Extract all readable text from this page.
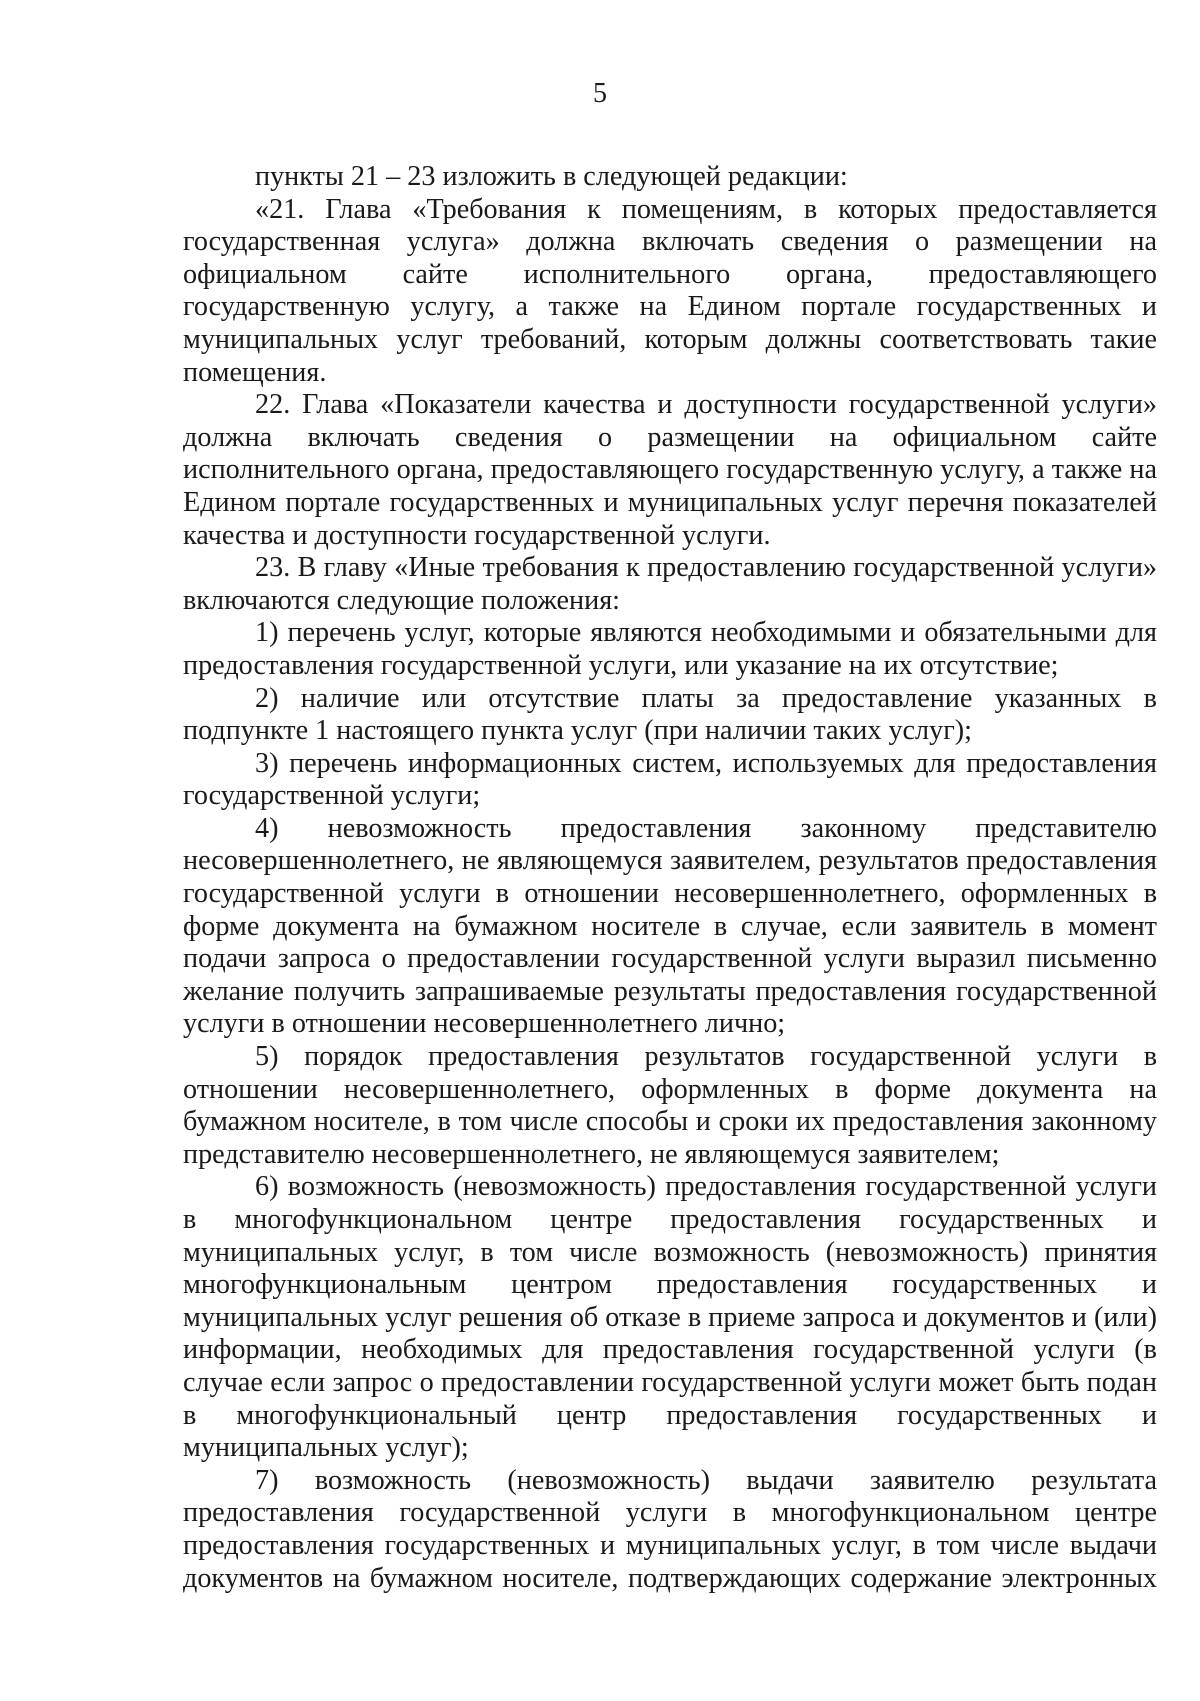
5

пункты 21 – 23 изложить в следующей редакции:

«21. Глава «Требования к помещениям, в которых предоставляется государственная услуга» должна включать сведения о размещении на официальном сайте исполнительного органа, предоставляющего государственную услугу, а также на Едином портале государственных и муниципальных услуг требований, которым должны соответствовать такие помещения.

22. Глава «Показатели качества и доступности государственной услуги» должна включать сведения о размещении на официальном сайте исполнительного органа, предоставляющего государственную услугу, а также на Едином портале государственных и муниципальных услуг перечня показателей качества и доступности государственной услуги.

23. В главу «Иные требования к предоставлению государственной услуги» включаются следующие положения:

1) перечень услуг, которые являются необходимыми и обязательными для предоставления государственной услуги, или указание на их отсутствие;

2) наличие или отсутствие платы за предоставление указанных в подпункте 1 настоящего пункта услуг (при наличии таких услуг);

3) перечень информационных систем, используемых для предоставления государственной услуги;

4) невозможность предоставления законному представителю несовершеннолетнего, не являющемуся заявителем, результатов предоставления государственной услуги в отношении несовершеннолетнего, оформленных в форме документа на бумажном носителе в случае, если заявитель в момент подачи запроса о предоставлении государственной услуги выразил письменно желание получить запрашиваемые результаты предоставления государственной услуги в отношении несовершеннолетнего лично;

5) порядок предоставления результатов государственной услуги в отношении несовершеннолетнего, оформленных в форме документа на бумажном носителе, в том числе способы и сроки их предоставления законному представителю несовершеннолетнего, не являющемуся заявителем;

6) возможность (невозможность) предоставления государственной услуги в многофункциональном центре предоставления государственных и муниципальных услуг, в том числе возможность (невозможность) принятия многофункциональным центром предоставления государственных и муниципальных услуг решения об отказе в приеме запроса и документов и (или) информации, необходимых для предоставления государственной услуги (в случае если запрос о предоставлении государственной услуги может быть подан в многофункциональный центр предоставления государственных и муниципальных услуг);

7) возможность (невозможность) выдачи заявителю результата предоставления государственной услуги в многофункциональном центре предоставления государственных и муниципальных услуг, в том числе выдачи документов на бумажном носителе, подтверждающих содержание электронных
